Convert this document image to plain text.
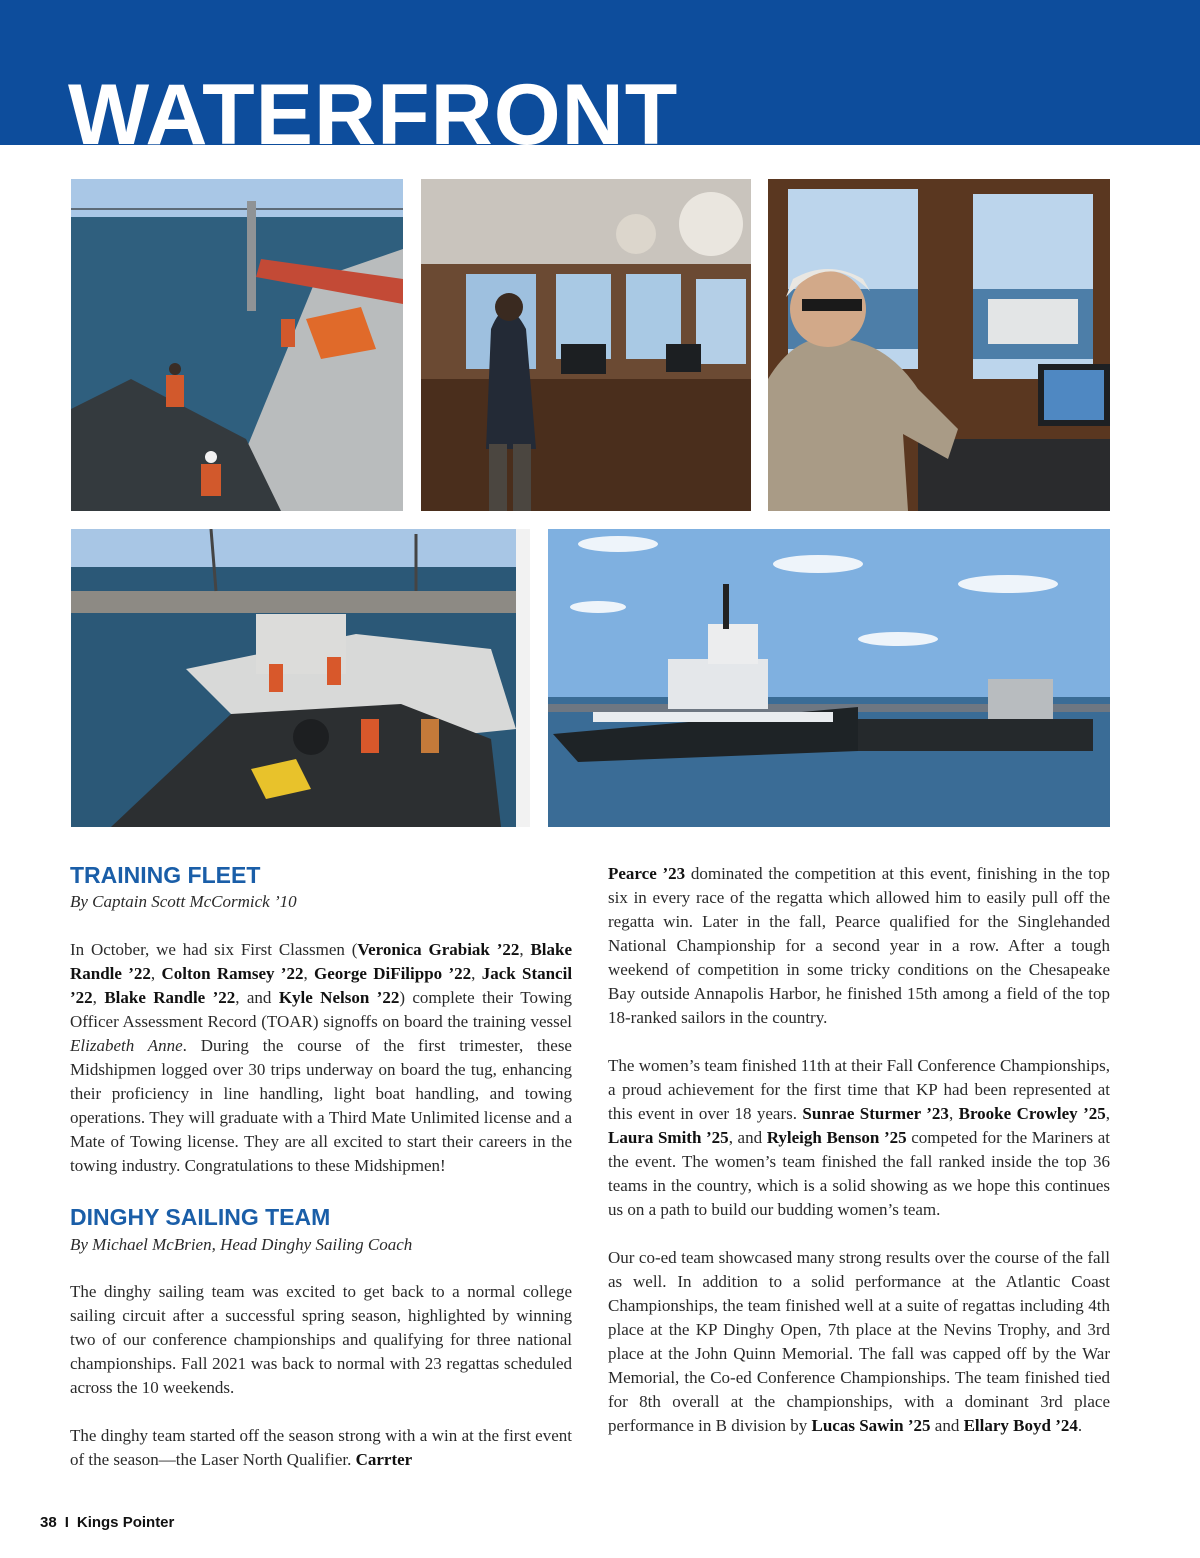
WATERFRONT
TRAINING FLEET
By Captain Scott McCormick ’10

In October, we had six First Classmen (Veronica Grabiak ’22, Blake Randle ’22, Colton Ramsey ’22, George DiFilippo ’22, Jack Stancil ’22, Blake Randle ’22, and Kyle Nelson ’22) complete their Towing Officer Assessment Record (TOAR) signoffs on board the training vessel Elizabeth Anne. During the course of the first trimester, these Midshipmen logged over 30 trips underway on board the tug, enhancing their proficiency in line handling, light boat handling, and towing operations. They will graduate with a Third Mate Unlimited license and a Mate of Towing license. They are all excited to start their careers in the towing industry. Congratulations to these Midshipmen!

DINGHY SAILING TEAM
By Michael McBrien, Head Dinghy Sailing Coach

The dinghy sailing team was excited to get back to a normal college sailing circuit after a successful spring season, highlighted by winning two of our conference championships and qualifying for three national championships. Fall 2021 was back to normal with 23 regattas scheduled across the 10 weekends.

The dinghy team started off the season strong with a win at the first event of the season—the Laser North Qualifier. Carrter

Pearce ’23 dominated the competition at this event, finishing in the top six in every race of the regatta which allowed him to easily pull off the regatta win. Later in the fall, Pearce qualified for the Singlehanded National Championship for a second year in a row. After a tough weekend of competition in some tricky conditions on the Chesapeake Bay outside Annapolis Harbor, he finished 15th among a field of the top 18-ranked sailors in the country.

The women’s team finished 11th at their Fall Conference Championships, a proud achievement for the first time that KP had been represented at this event in over 18 years. Sunrae Sturmer ’23, Brooke Crowley ’25, Laura Smith ’25, and Ryleigh Benson ’25 competed for the Mariners at the event. The women’s team finished the fall ranked inside the top 36 teams in the country, which is a solid showing as we hope this continues us on a path to build our budding women’s team.

Our co-ed team showcased many strong results over the course of the fall as well. In addition to a solid performance at the Atlantic Coast Championships, the team finished well at a suite of regattas including 4th place at the KP Dinghy Open, 7th place at the Nevins Trophy, and 3rd place at the John Quinn Memorial. The fall was capped off by the War Memorial, the Co-ed Conference Championships. The team finished tied for 8th overall at the championships, with a dominant 3rd place performance in B division by Lucas Sawin ’25 and Ellary Boyd ’24.

38 I Kings Pointer
